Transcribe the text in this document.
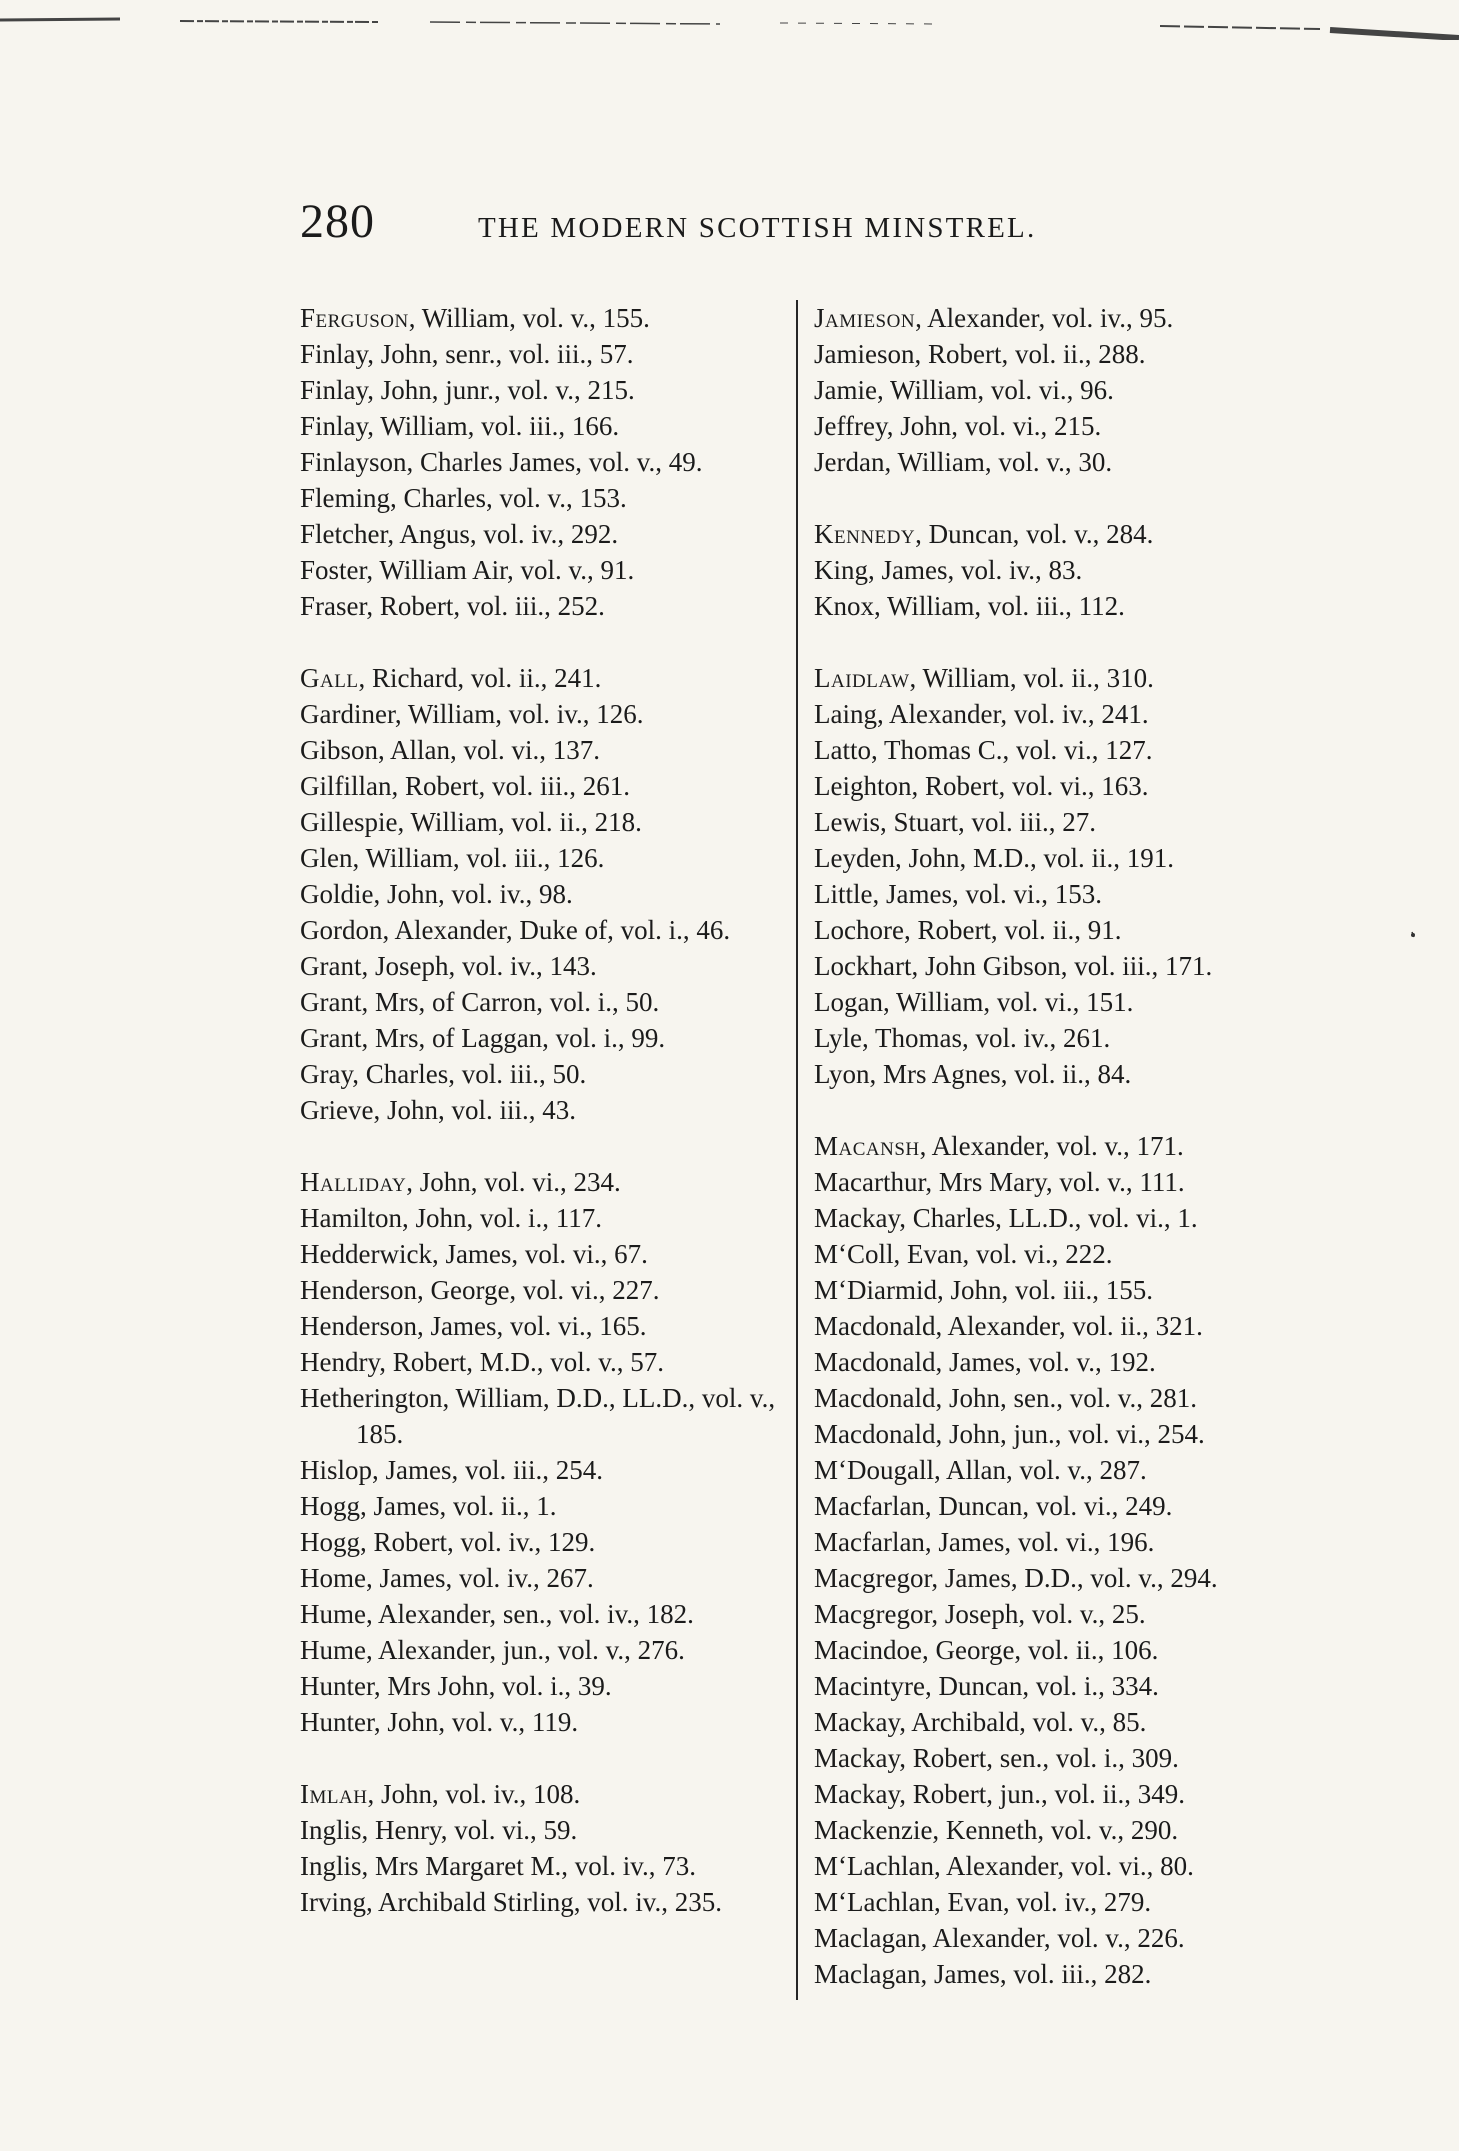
280	THE MODERN SCOTTISH MINSTREL.
Ferguson, William, vol. v., 155.
Finlay, John, senr., vol. iii., 57.
Finlay, John, junr., vol. v., 215.
Finlay, William, vol. iii., 166.
Finlayson, Charles James, vol. v., 49.
Fleming, Charles, vol. v., 153.
Fletcher, Angus, vol. iv., 292.
Foster, William Air, vol. v., 91.
Fraser, Robert, vol. iii., 252.
Gall, Richard, vol. ii., 241.
Gardiner, William, vol. iv., 126.
Gibson, Allan, vol. vi., 137.
Gilfillan, Robert, vol. iii., 261.
Gillespie, William, vol. ii., 218.
Glen, William, vol. iii., 126.
Goldie, John, vol. iv., 98.
Gordon, Alexander, Duke of, vol. i., 46.
Grant, Joseph, vol. iv., 143.
Grant, Mrs, of Carron, vol. i., 50.
Grant, Mrs, of Laggan, vol. i., 99.
Gray, Charles, vol. iii., 50.
Grieve, John, vol. iii., 43.
Halliday, John, vol. vi., 234.
Hamilton, John, vol. i., 117.
Hedderwick, James, vol. vi., 67.
Henderson, George, vol. vi., 227.
Henderson, James, vol. vi., 165.
Hendry, Robert, M.D., vol. v., 57.
Hetherington, William, D.D., LL.D., vol. v., 185.
Hislop, James, vol. iii., 254.
Hogg, James, vol. ii., 1.
Hogg, Robert, vol. iv., 129.
Home, James, vol. iv., 267.
Hume, Alexander, sen., vol. iv., 182.
Hume, Alexander, jun., vol. v., 276.
Hunter, Mrs John, vol. i., 39.
Hunter, John, vol. v., 119.
Imlah, John, vol. iv., 108.
Inglis, Henry, vol. vi., 59.
Inglis, Mrs Margaret M., vol. iv., 73.
Irving, Archibald Stirling, vol. iv., 235.
Jamieson, Alexander, vol. iv., 95.
Jamieson, Robert, vol. ii., 288.
Jamie, William, vol. vi., 96.
Jeffrey, John, vol. vi., 215.
Jerdan, William, vol. v., 30.
Kennedy, Duncan, vol. v., 284.
King, James, vol. iv., 83.
Knox, William, vol. iii., 112.
Laidlaw, William, vol. ii., 310.
Laing, Alexander, vol. iv., 241.
Latto, Thomas C., vol. vi., 127.
Leighton, Robert, vol. vi., 163.
Lewis, Stuart, vol. iii., 27.
Leyden, John, M.D., vol. ii., 191.
Little, James, vol. vi., 153.
Lochore, Robert, vol. ii., 91.
Lockhart, John Gibson, vol. iii., 171.
Logan, William, vol. vi., 151.
Lyle, Thomas, vol. iv., 261.
Lyon, Mrs Agnes, vol. ii., 84.
Macansh, Alexander, vol. v., 171.
Macarthur, Mrs Mary, vol. v., 111.
Mackay, Charles, LL.D., vol. vi., 1.
M‘Coll, Evan, vol. vi., 222.
M‘Diarmid, John, vol. iii., 155.
Macdonald, Alexander, vol. ii., 321.
Macdonald, James, vol. v., 192.
Macdonald, John, sen., vol. v., 281.
Macdonald, John, jun., vol. vi., 254.
M‘Dougall, Allan, vol. v., 287.
Macfarlan, Duncan, vol. vi., 249.
Macfarlan, James, vol. vi., 196.
Macgregor, James, D.D., vol. v., 294.
Macgregor, Joseph, vol. v., 25.
Macindoe, George, vol. ii., 106.
Macintyre, Duncan, vol. i., 334.
Mackay, Archibald, vol. v., 85.
Mackay, Robert, sen., vol. i., 309.
Mackay, Robert, jun., vol. ii., 349.
Mackenzie, Kenneth, vol. v., 290.
M‘Lachlan, Alexander, vol. vi., 80.
M‘Lachlan, Evan, vol. iv., 279.
Maclagan, Alexander, vol. v., 226.
Maclagan, James, vol. iii., 282.
